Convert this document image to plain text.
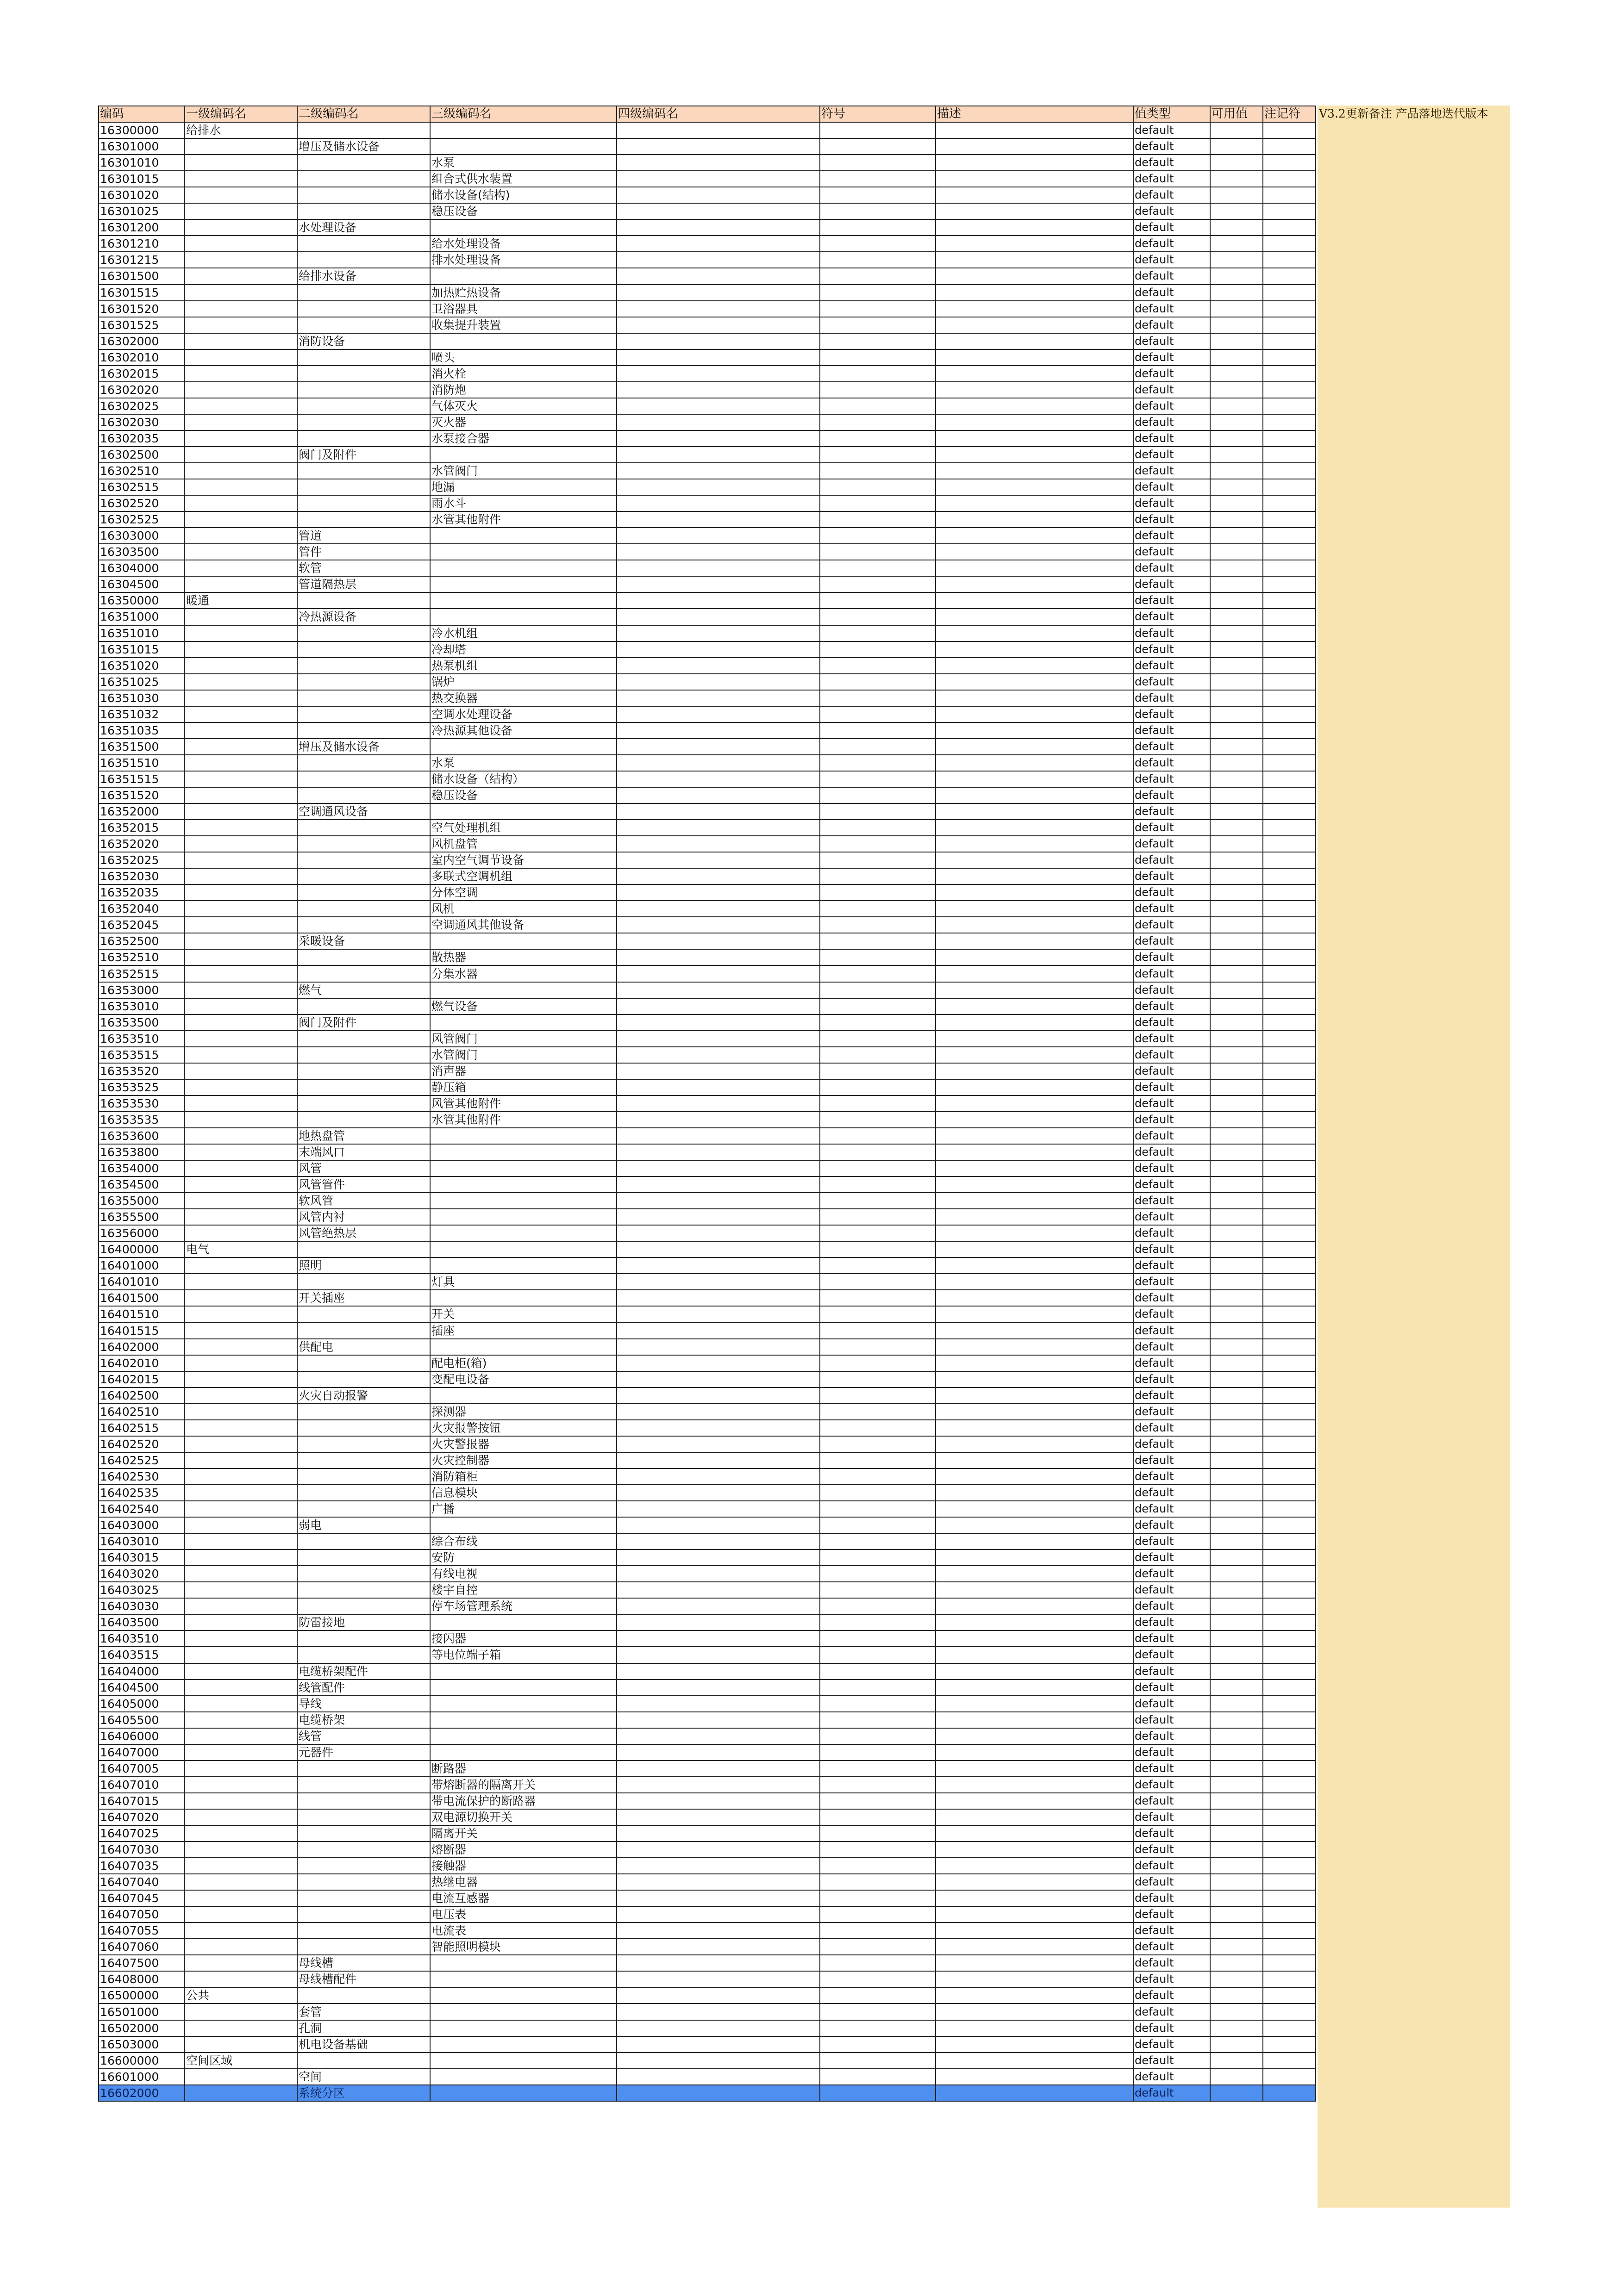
V3.2更新备注 产品落地迭代版本
编码	一级编码名	二级编码名	三级编码名	四级编码名	符号	描述	值类型	可用值	注记符
16300000	给排水						default		
16301000		增压及储水设备					default		
16301010			水泵				default		
16301015			组合式供水装置				default		
16301020			储水设备(结构)				default		
16301025			稳压设备				default		
16301200		水处理设备					default		
16301210			给水处理设备				default		
16301215			排水处理设备				default		
16301500		给排水设备					default		
16301515			加热贮热设备				default		
16301520			卫浴器具				default		
16301525			收集提升装置				default		
16302000		消防设备					default		
16302010			喷头				default		
16302015			消火栓				default		
16302020			消防炮				default		
16302025			气体灭火				default		
16302030			灭火器				default		
16302035			水泵接合器				default		
16302500		阀门及附件					default		
16302510			水管阀门				default		
16302515			地漏				default		
16302520			雨水斗				default		
16302525			水管其他附件				default		
16303000		管道					default		
16303500		管件					default		
16304000		软管					default		
16304500		管道隔热层					default		
16350000	暖通						default		
16351000		冷热源设备					default		
16351010			冷水机组				default		
16351015			冷却塔				default		
16351020			热泵机组				default		
16351025			锅炉				default		
16351030			热交换器				default		
16351032			空调水处理设备				default		
16351035			冷热源其他设备				default		
16351500		增压及储水设备					default		
16351510			水泵				default		
16351515			储水设备（结构）				default		
16351520			稳压设备				default		
16352000		空调通风设备					default		
16352015			空气处理机组				default		
16352020			风机盘管				default		
16352025			室内空气调节设备				default		
16352030			多联式空调机组				default		
16352035			分体空调				default		
16352040			风机				default		
16352045			空调通风其他设备				default		
16352500		采暖设备					default		
16352510			散热器				default		
16352515			分集水器				default		
16353000		燃气					default		
16353010			燃气设备				default		
16353500		阀门及附件					default		
16353510			风管阀门				default		
16353515			水管阀门				default		
16353520			消声器				default		
16353525			静压箱				default		
16353530			风管其他附件				default		
16353535			水管其他附件				default		
16353600		地热盘管					default		
16353800		末端风口					default		
16354000		风管					default		
16354500		风管管件					default		
16355000		软风管					default		
16355500		风管内衬					default		
16356000		风管绝热层					default		
16400000	电气						default		
16401000		照明					default		
16401010			灯具				default		
16401500		开关插座					default		
16401510			开关				default		
16401515			插座				default		
16402000		供配电					default		
16402010			配电柜(箱)				default		
16402015			变配电设备				default		
16402500		火灾自动报警					default		
16402510			探测器				default		
16402515			火灾报警按钮				default		
16402520			火灾警报器				default		
16402525			火灾控制器				default		
16402530			消防箱柜				default		
16402535			信息模块				default		
16402540			广播				default		
16403000		弱电					default		
16403010			综合布线				default		
16403015			安防				default		
16403020			有线电视				default		
16403025			楼宇自控				default		
16403030			停车场管理系统				default		
16403500		防雷接地					default		
16403510			接闪器				default		
16403515			等电位端子箱				default		
16404000		电缆桥架配件					default		
16404500		线管配件					default		
16405000		导线					default		
16405500		电缆桥架					default		
16406000		线管					default		
16407000		元器件					default		
16407005			断路器				default		
16407010			带熔断器的隔离开关				default		
16407015			带电流保护的断路器				default		
16407020			双电源切换开关				default		
16407025			隔离开关				default		
16407030			熔断器				default		
16407035			接触器				default		
16407040			热继电器				default		
16407045			电流互感器				default		
16407050			电压表				default		
16407055			电流表				default		
16407060			智能照明模块				default		
16407500		母线槽					default		
16408000		母线槽配件					default		
16500000	公共						default		
16501000		套管					default		
16502000		孔洞					default		
16503000		机电设备基础					default		
16600000	空间区域						default		
16601000		空间					default		
16602000		系统分区					default		
